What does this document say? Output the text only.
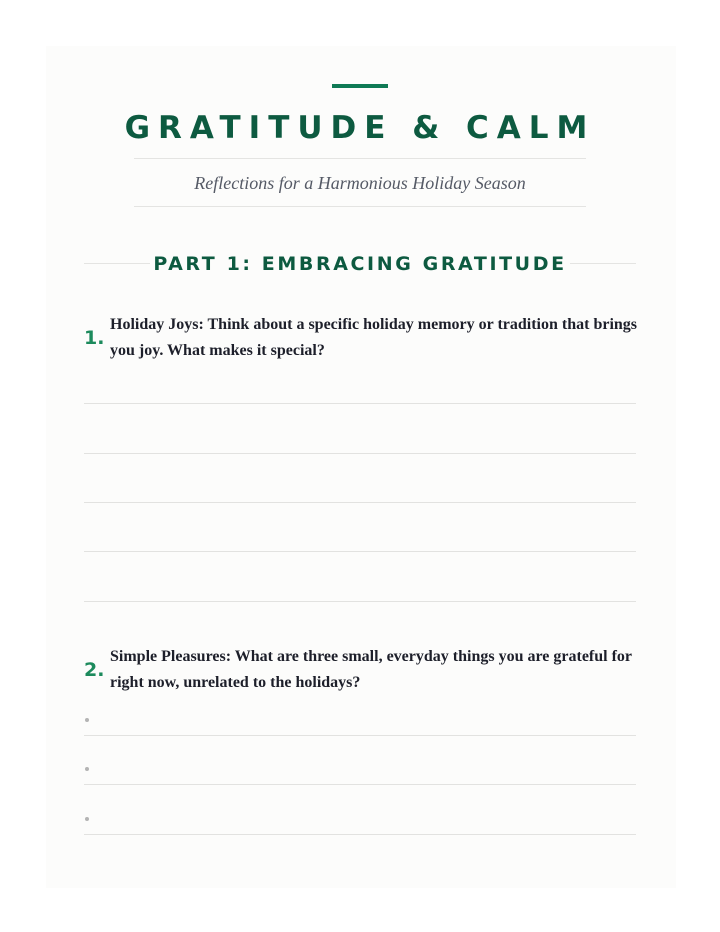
GRATITUDE & CALM

Reflections for a Harmonious Holiday Season

PART 1: EMBRACING GRATITUDE
1.

Holiday Joys: Think about a specific holiday memory or tradition that brings you joy. What makes it special?

2.

Simple Pleasures: What are three small, everyday things you are grateful for right now, unrelated to the holidays?
